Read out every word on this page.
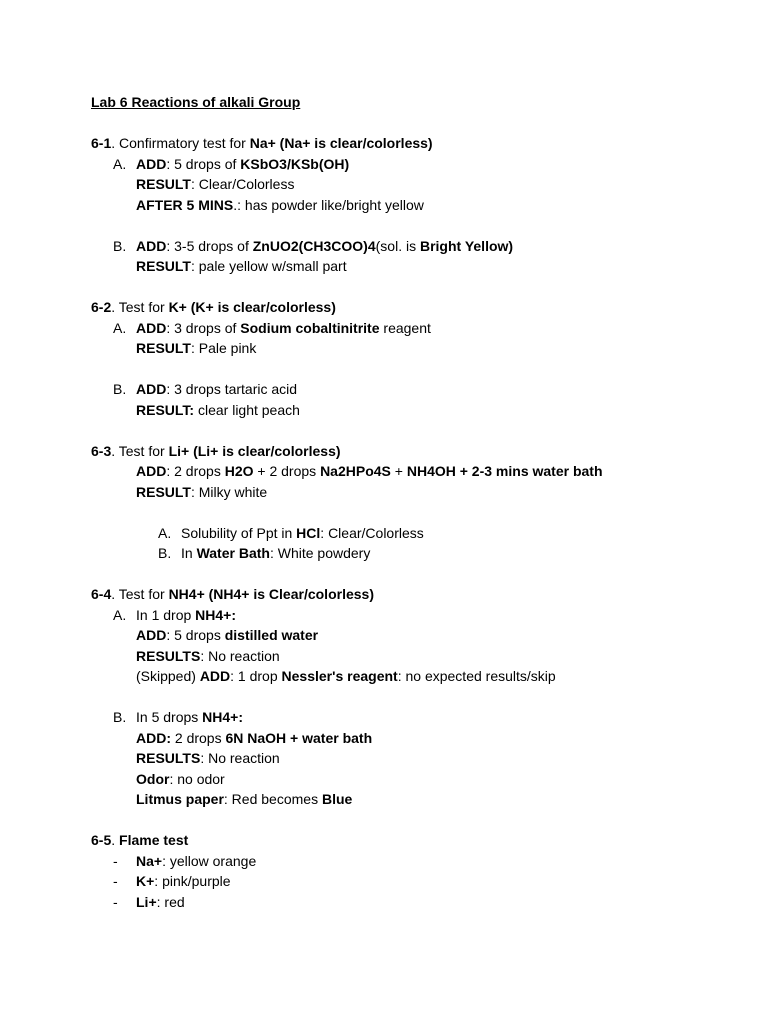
Lab 6 Reactions of alkali Group
6-1. Confirmatory test for Na+ (Na+ is clear/colorless)
A. ADD: 5 drops of KSbO3/KSb(OH)
RESULT: Clear/Colorless
AFTER 5 MINS.: has powder like/bright yellow
B. ADD: 3-5 drops of ZnUO2(CH3COO)4(sol. is Bright Yellow)
RESULT: pale yellow w/small part
6-2. Test for K+ (K+ is clear/colorless)
A. ADD: 3 drops of Sodium cobaltinitrite reagent
RESULT: Pale pink
B. ADD: 3 drops tartaric acid
RESULT: clear light peach
6-3. Test for Li+ (Li+ is clear/colorless)
ADD: 2 drops H2O + 2 drops Na2HPo4S + NH4OH + 2-3 mins water bath
RESULT: Milky white
A. Solubility of Ppt in HCl: Clear/Colorless
B. In Water Bath: White powdery
6-4. Test for NH4+ (NH4+ is Clear/colorless)
A. In 1 drop NH4+:
ADD: 5 drops distilled water
RESULTS: No reaction
(Skipped) ADD: 1 drop Nessler's reagent: no expected results/skip
B. In 5 drops NH4+:
ADD: 2 drops 6N NaOH + water bath
RESULTS: No reaction
Odor: no odor
Litmus paper: Red becomes Blue
6-5. Flame test
-	Na+: yellow orange
-	K+: pink/purple
-	Li+: red
